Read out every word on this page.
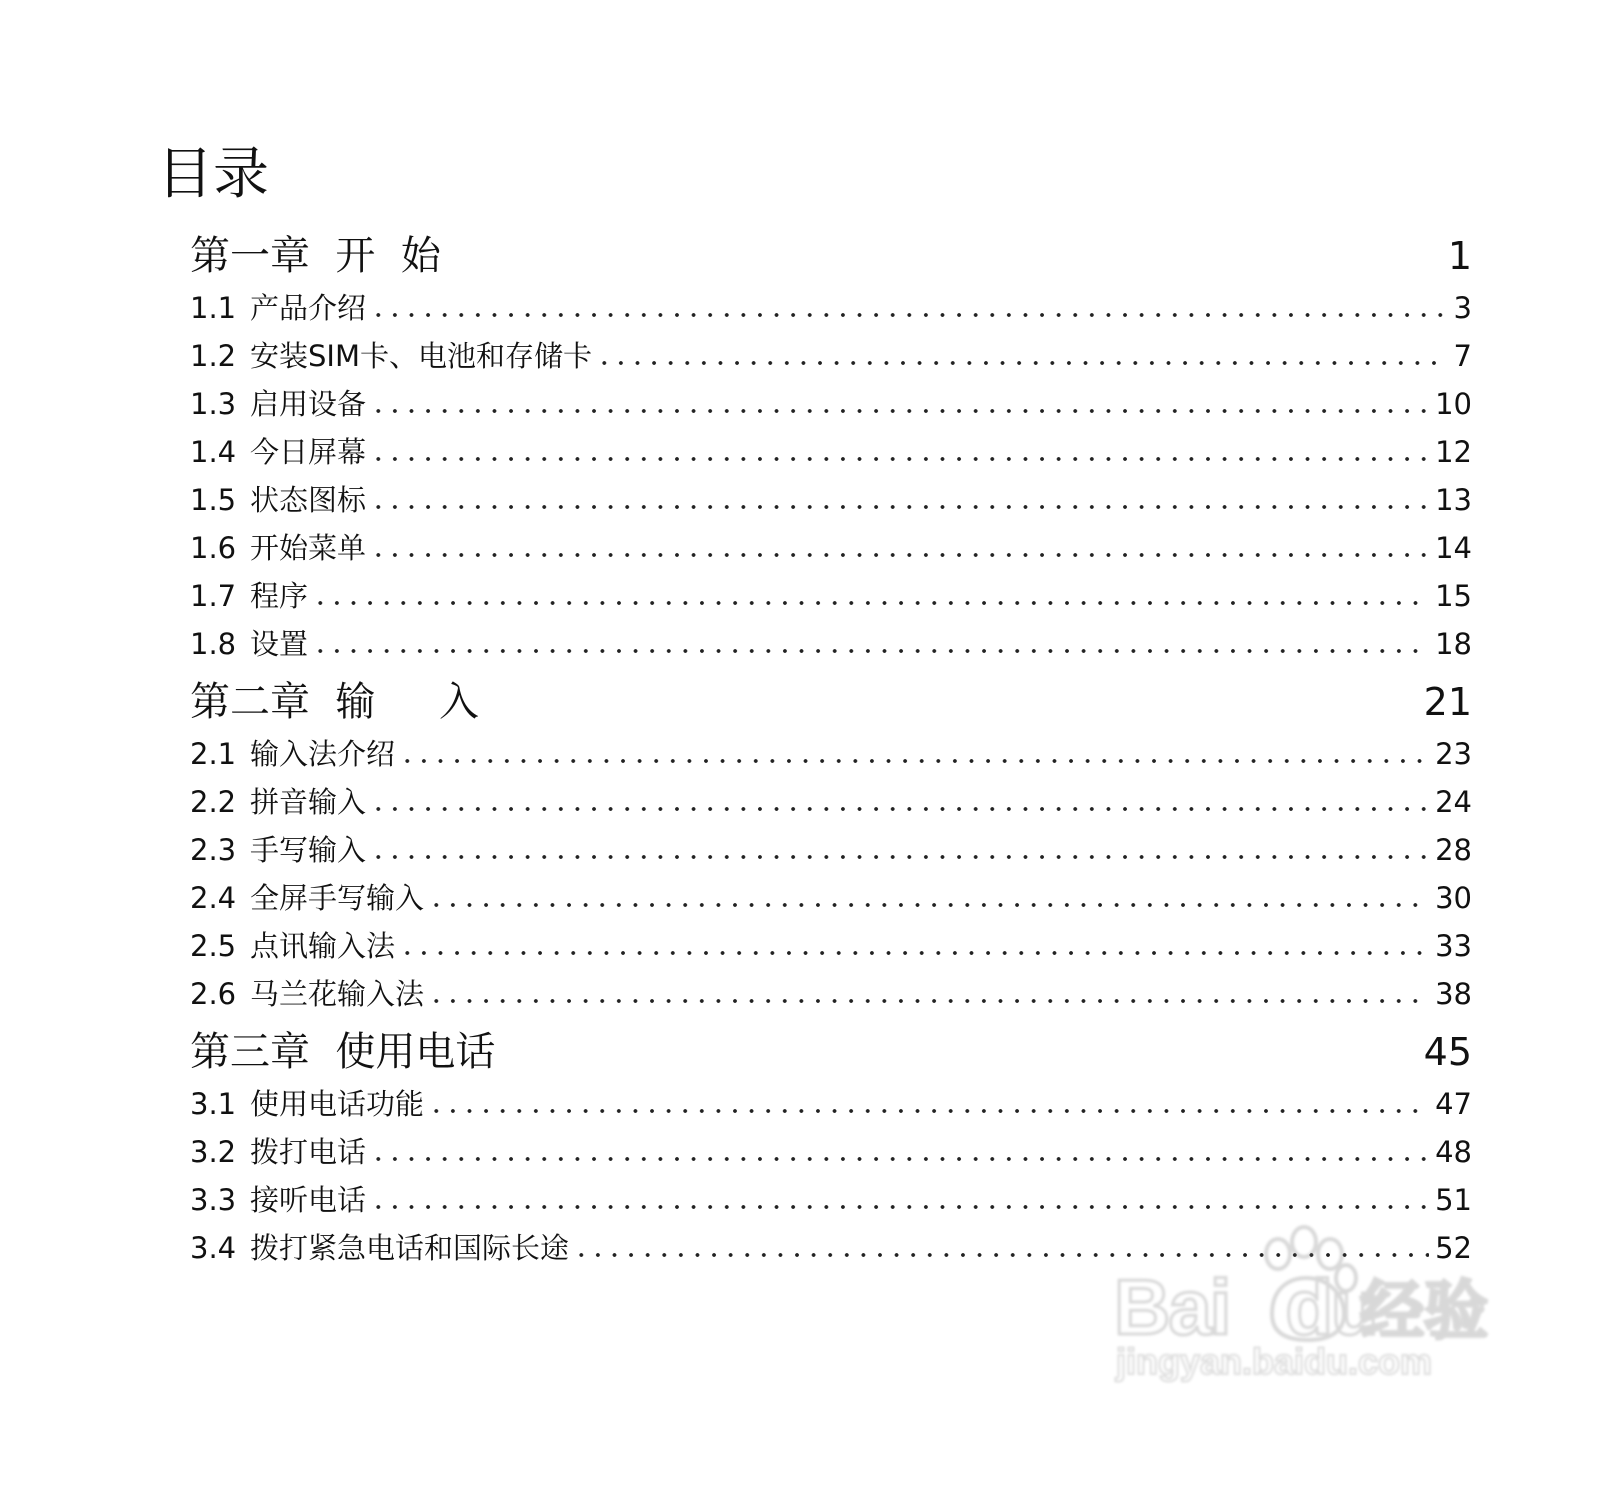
目录
第一章  开  始	1
1.1 产品介绍	3
1.2 安装SIM卡、电池和存储卡	7
1.3 启用设备	10
1.4 今日屏幕	12
1.5 状态图标	13
1.6 开始菜单	14
1.7 程序	15
1.8 设置	18
第二章  输     入	21
2.1 输入法介绍	23
2.2 拼音输入	24
2.3 手写输入	28
2.4 全屏手写输入	30
2.5 点讯输入法	33
2.6 马兰花输入法	38
第三章  使用电话	45
3.1 使用电话功能	47
3.2 拨打电话	48
3.3 接听电话	51
3.4 拨打紧急电话和国际长途	52
Bai du
经验
jingyan.baidu.com
